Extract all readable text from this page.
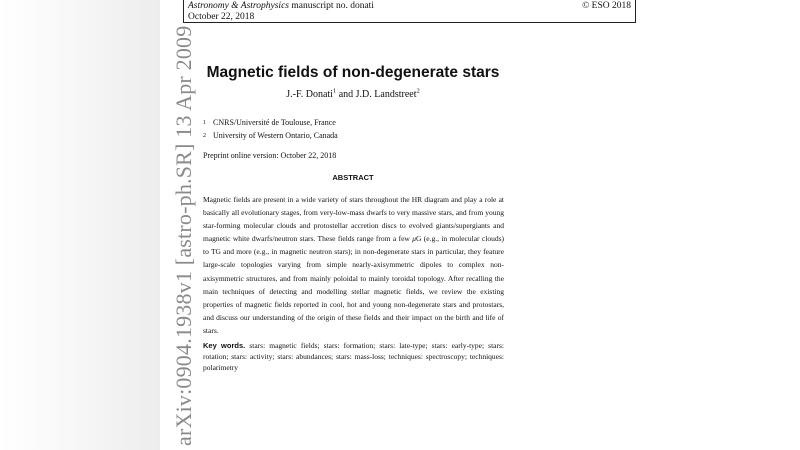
arXiv:0904.1938v1 [astro-ph.SR] 13 Apr 2009
Astronomy & Astrophysics manuscript no. donati
October 22, 2018
© ESO 2018
Magnetic fields of non-degenerate stars
J.-F. Donati$^1$ and J.D. Landstreet$^2$
1 CNRS/Université de Toulouse, France
2 University of Western Ontario, Canada
Preprint online version: October 22, 2018
ABSTRACT
Magnetic fields are present in a wide variety of stars throughout the HR diagram and play a role at basically all evolutionary stages, from very-low-mass dwarfs to very massive stars, and from young star-forming molecular clouds and protostellar accretion discs to evolved giants/supergiants and magnetic white dwarfs/neutron stars. These fields range from a few μG (e.g., in molecular clouds) to TG and more (e.g., in magnetic neutron stars); in non-degenerate stars in particular, they feature large-scale topologies varying from simple nearly-axisymmetric dipoles to complex non-axisymmetric structures, and from mainly poloidal to mainly toroidal topology. After recalling the main techniques of detecting and modelling stellar magnetic fields, we review the existing properties of magnetic fields reported in cool, hot and young non-degenerate stars and protostars, and discuss our understanding of the origin of these fields and their impact on the birth and life of stars.
Key words. stars: magnetic fields; stars: formation; stars: late-type; stars: early-type; stars: rotation; stars: activity; stars: abundances; stars: mass-loss; techniques: spectroscopy; techniques: polarimetry
